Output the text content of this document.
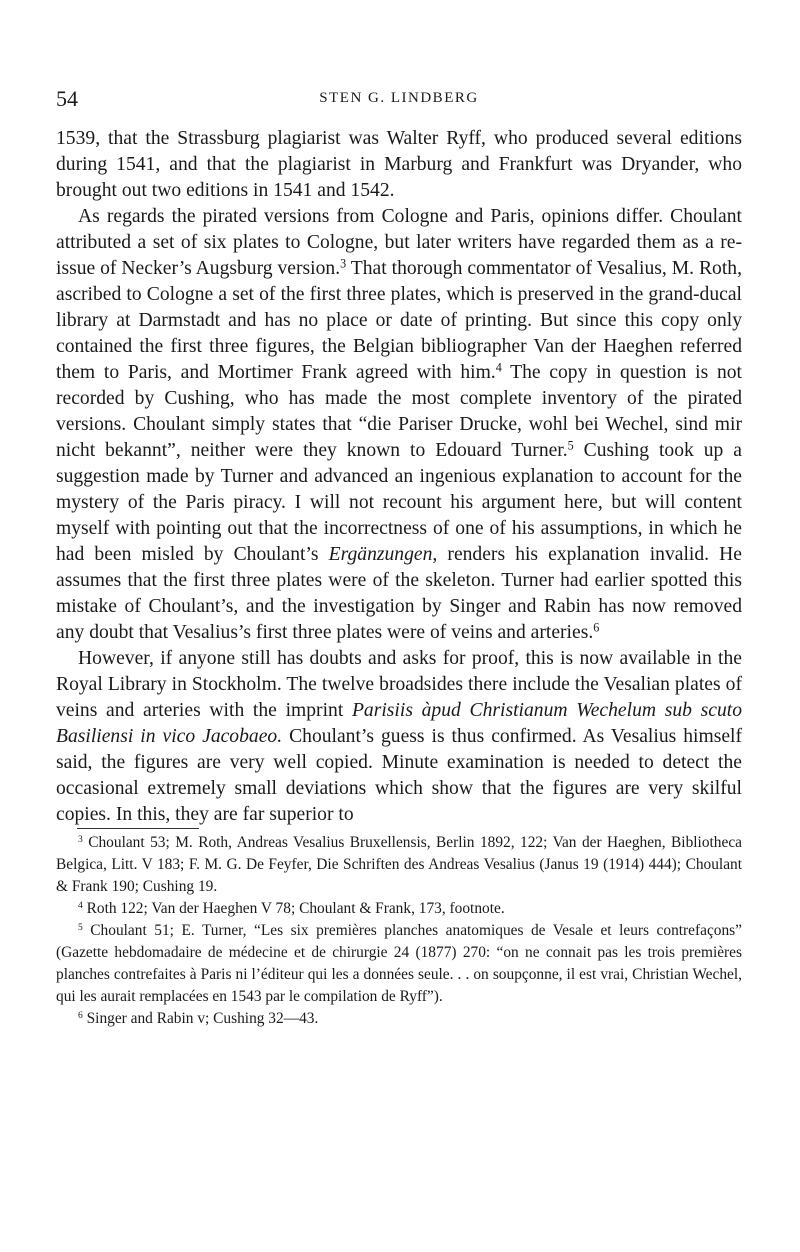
54	STEN G. LINDBERG

1539, that the Strassburg plagiarist was Walter Ryff, who produced several editions during 1541, and that the plagiarist in Marburg and Frankfurt was Dryander, who brought out two editions in 1541 and 1542.

As regards the pirated versions from Cologne and Paris, opinions differ. Choulant attributed a set of six plates to Cologne, but later writers have regarded them as a re-issue of Necker’s Augsburg version.$^3$ That thorough commentator of Vesalius, M. Roth, ascribed to Cologne a set of the first three plates, which is preserved in the grand-ducal library at Darmstadt and has no place or date of printing. But since this copy only contained the first three figures, the Belgian bibliographer Van der Haeghen referred them to Paris, and Mortimer Frank agreed with him.$^4$ The copy in question is not recorded by Cushing, who has made the most complete inventory of the pirated versions. Choulant simply states that “die Pariser Drucke, wohl bei Wechel, sind mir nicht bekannt”, neither were they known to Edouard Turner.$^5$ Cushing took up a suggestion made by Turner and advanced an ingenious explanation to account for the mystery of the Paris piracy. I will not recount his argument here, but will content myself with pointing out that the incorrectness of one of his assumptions, in which he had been misled by Choulant’s Ergänzungen, renders his explanation invalid. He assumes that the first three plates were of the skeleton. Turner had earlier spotted this mistake of Choulant’s, and the investigation by Singer and Rabin has now removed any doubt that Vesalius’s first three plates were of veins and arteries.$^6$

However, if anyone still has doubts and asks for proof, this is now available in the Royal Library in Stockholm. The twelve broadsides there include the Vesalian plates of veins and arteries with the imprint Parisiis àpud Christianum Wechelum sub scuto Basiliensi in vico Jacobaeo. Choulant’s guess is thus confirmed. As Vesalius himself said, the figures are very well copied. Minute examination is needed to detect the occasional extremely small deviations which show that the figures are very skilful copies. In this, they are far superior to

$^3$ Choulant 53; M. Roth, Andreas Vesalius Bruxellensis, Berlin 1892, 122; Van der Haeghen, Bibliotheca Belgica, Litt. V 183; F. M. G. De Feyfer, Die Schriften des Andreas Vesalius (Janus 19 (1914) 444); Choulant & Frank 190; Cushing 19.

$^4$ Roth 122; Van der Haeghen V 78; Choulant & Frank, 173, footnote.

$^5$ Choulant 51; E. Turner, “Les six premières planches anatomiques de Vesale et leurs contrefaçons” (Gazette hebdomadaire de médecine et de chirurgie 24 (1877) 270: “on ne connait pas les trois premières planches contrefaites à Paris ni l’éditeur qui les a données seule. . . on soupçonne, il est vrai, Christian Wechel, qui les aurait remplacées en 1543 par le compilation de Ryff”).

$^6$ Singer and Rabin v; Cushing 32—43.
